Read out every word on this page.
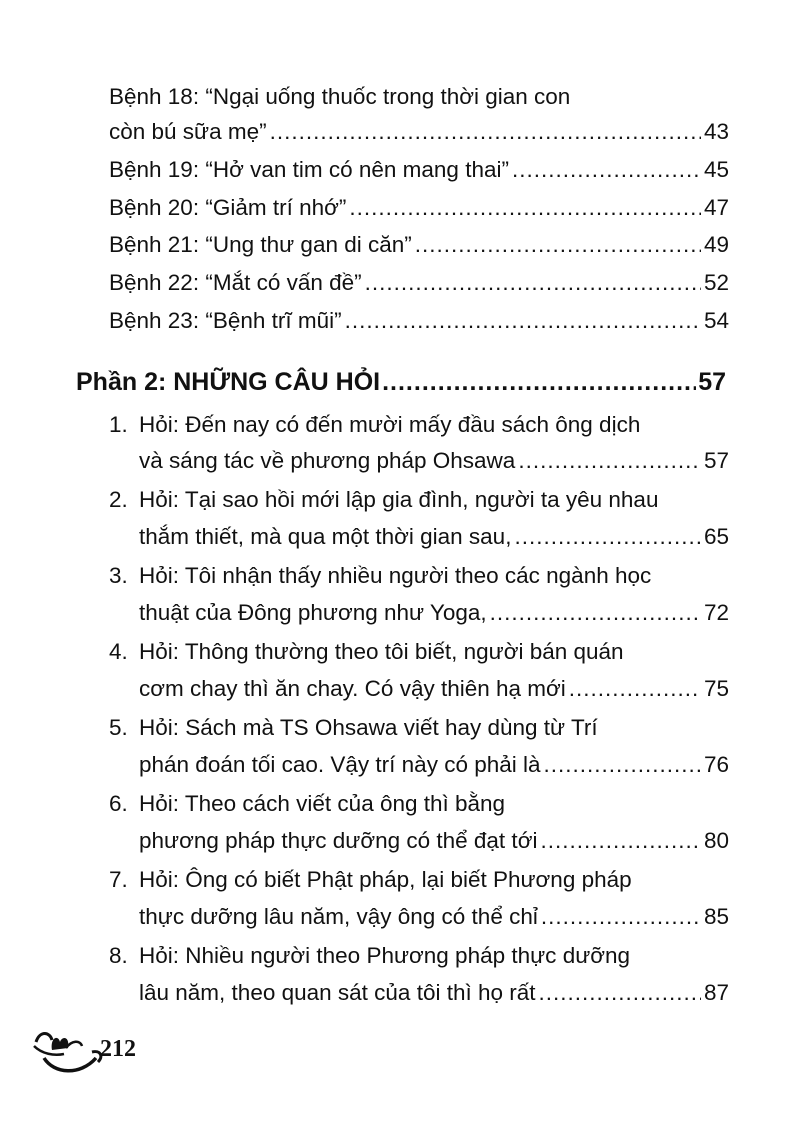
Bệnh 18: “Ngại uống thuốc trong thời gian con
còn bú sữa mẹ” .....	43
Bệnh 19: “Hở van tim có nên mang thai” .....	45
Bệnh 20: “Giảm trí nhớ” .....	47
Bệnh 21: “Ung thư gan di căn” .....	49
Bệnh 22: “Mắt có vấn đề” .....	52
Bệnh 23: “Bệnh trĩ mũi” .....	54
Phần 2: NHỮNG CÂU HỎI .....	57
1. Hỏi: Đến nay có đến mười mấy đầu sách ông dịch
và sáng tác về phương pháp Ohsawa .....	57
2. Hỏi: Tại sao hồi mới lập gia đình, người ta yêu nhau
thắm thiết, mà qua một thời gian sau, .....	65
3. Hỏi: Tôi nhận thấy nhiều người theo các ngành học
thuật của Đông phương như Yoga, .....	72
4. Hỏi: Thông thường theo tôi biết, người bán quán
cơm chay thì ăn chay. Có vậy thiên hạ mới .....	75
5. Hỏi: Sách mà TS Ohsawa viết hay dùng từ Trí
phán đoán tối cao. Vậy trí này có phải là .....	76
6. Hỏi: Theo cách viết của ông thì bằng
phương pháp thực dưỡng có thể đạt tới .....	80
7. Hỏi: Ông có biết Phật pháp, lại biết Phương pháp
thực dưỡng lâu năm, vậy ông có thể chỉ .....	85
8. Hỏi: Nhiều người theo Phương pháp thực dưỡng
lâu năm, theo quan sát của tôi thì họ rất .....	87
212
